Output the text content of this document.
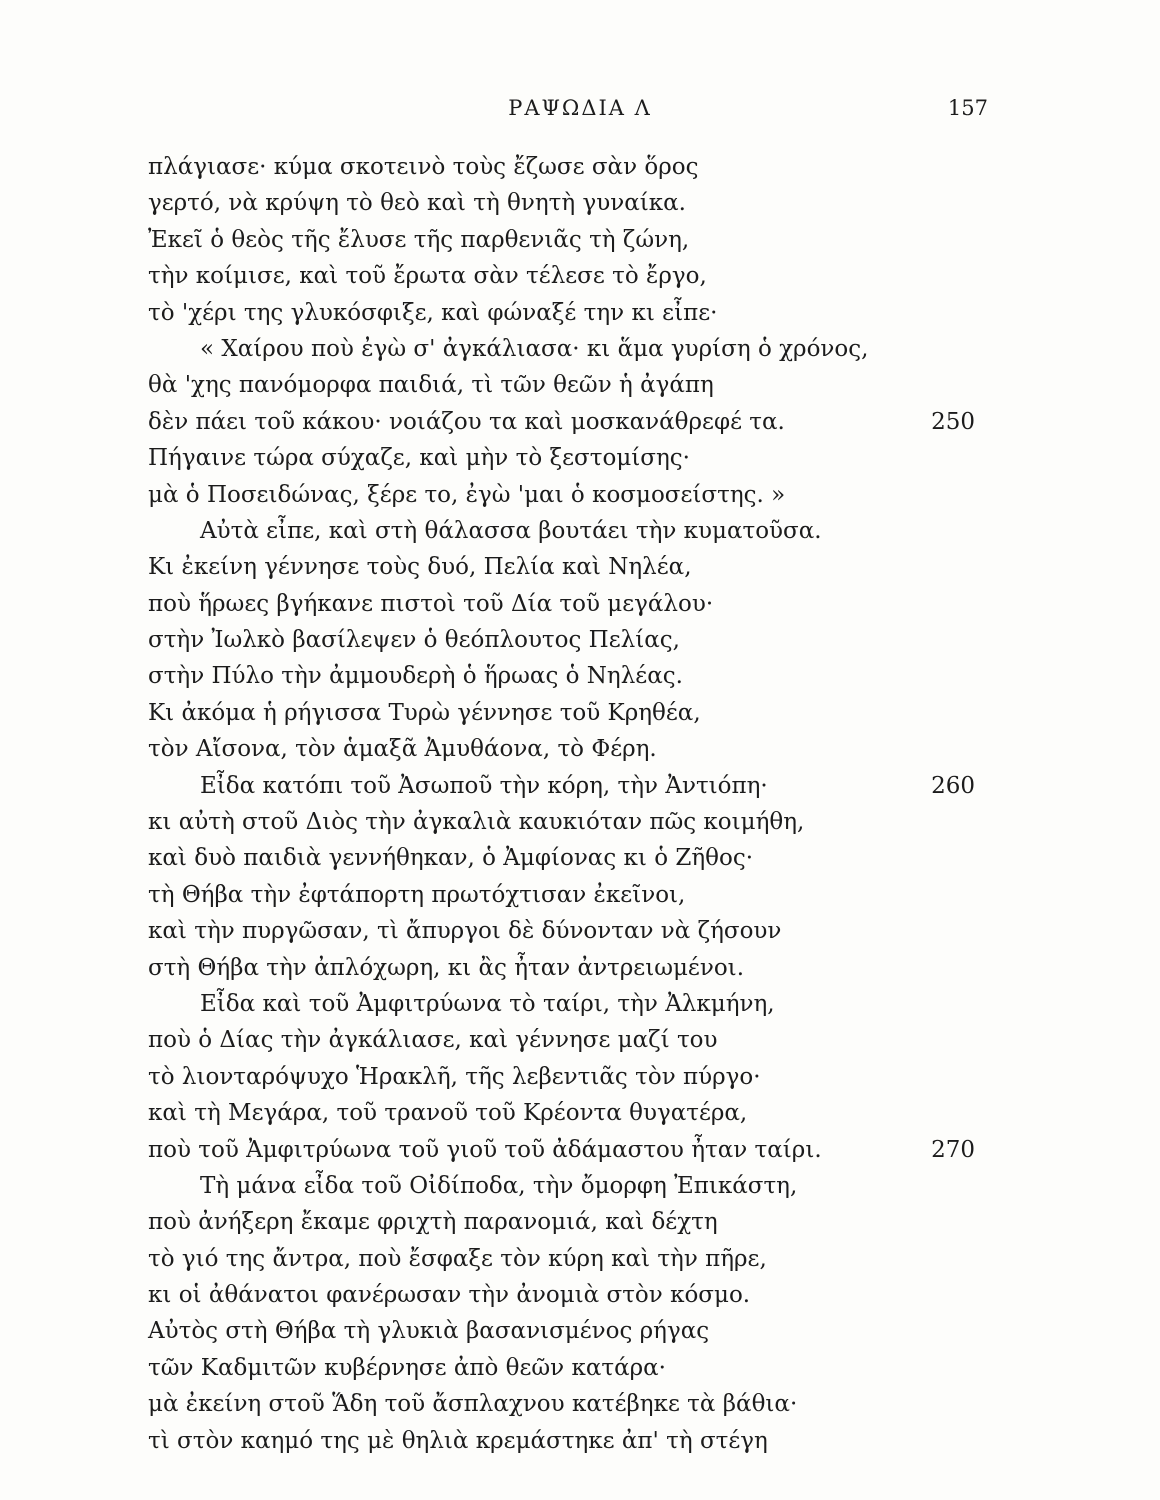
ΡΑΨΩΔΙΑ Λ	157
πλάγιασε· κύμα σκοτεινὸ τοὺς ἔζωσε σὰν ὅρος
γερτό, νὰ κρύψη τὸ θεὸ καὶ τὴ θνητὴ γυναίκα.
Ἐκεῖ ὁ θεὸς τῆς ἔλυσε τῆς παρθενιᾶς τὴ ζώνη,
τὴν κοίμισε, καὶ τοῦ ἔρωτα σὰν τέλεσε τὸ ἔργο,
τὸ 'χέρι της γλυκόσφιξε, καὶ φώναξέ την κι εἶπε·
« Χαίρου ποὺ ἐγὼ σ' ἀγκάλιασα· κι ἅμα γυρίση ὁ χρόνος,
θὰ 'χης πανόμορφα παιδιά, τὶ τῶν θεῶν ἡ ἀγάπη
δὲν πάει τοῦ κάκου· νοιάζου τα καὶ μοσκανάθρεφέ τα.	250
Πήγαινε τώρα σύχαζε, καὶ μὴν τὸ ξεστομίσης·
μὰ ὁ Ποσειδώνας, ξέρε το, ἐγὼ 'μαι ὁ κοσμοσείστης. »
Αὐτὰ εἶπε, καὶ στὴ θάλασσα βουτάει τὴν κυματοῦσα.
Κι ἐκείνη γέννησε τοὺς δυό, Πελία καὶ Νηλέα,
ποὺ ἥρωες βγήκανε πιστοὶ τοῦ Δία τοῦ μεγάλου·
στὴν Ἰωλκὸ βασίλεψεν ὁ θεόπλουτος Πελίας,
στὴν Πύλο τὴν ἀμμουδερὴ ὁ ἥρωας ὁ Νηλέας.
Κι ἀκόμα ἡ ρήγισσα Τυρὼ γέννησε τοῦ Κρηθέα,
τὸν Αἴσονα, τὸν ἁμαξᾶ Ἀμυθάονα, τὸ Φέρη.
Εἶδα κατόπι τοῦ Ἀσωποῦ τὴν κόρη, τὴν Ἀντιόπη·	260
κι αὐτὴ στοῦ Διὸς τὴν ἀγκαλιὰ καυκιόταν πῶς κοιμήθη,
καὶ δυὸ παιδιὰ γεννήθηκαν, ὁ Ἀμφίονας κι ὁ Ζῆθος·
τὴ Θήβα τὴν ἐφτάπορτη πρωτόχτισαν ἐκεῖνοι,
καὶ τὴν πυργῶσαν, τὶ ἄπυργοι δὲ δύνονταν νὰ ζήσουν
στὴ Θήβα τὴν ἀπλόχωρη, κι ἂς ἦταν ἀντρειωμένοι.
Εἶδα καὶ τοῦ Ἀμφιτρύωνα τὸ ταίρι, τὴν Ἀλκμήνη,
ποὺ ὁ Δίας τὴν ἀγκάλιασε, καὶ γέννησε μαζί του
τὸ λιονταρόψυχο Ἡρακλῆ, τῆς λεβεντιᾶς τὸν πύργο·
καὶ τὴ Μεγάρα, τοῦ τρανοῦ τοῦ Κρέοντα θυγατέρα,
ποὺ τοῦ Ἀμφιτρύωνα τοῦ γιοῦ τοῦ ἀδάμαστου ἦταν ταίρι.	270
Τὴ μάνα εἶδα τοῦ Οἰδίποδα, τὴν ὄμορφη Ἐπικάστη,
ποὺ ἀνήξερη ἔκαμε φριχτὴ παρανομιά, καὶ δέχτη
τὸ γιό της ἄντρα, ποὺ ἔσφαξε τὸν κύρη καὶ τὴν πῆρε,
κι οἱ ἀθάνατοι φανέρωσαν τὴν ἀνομιὰ στὸν κόσμο.
Αὐτὸς στὴ Θήβα τὴ γλυκιὰ βασανισμένος ρήγας
τῶν Καδμιτῶν κυβέρνησε ἀπὸ θεῶν κατάρα·
μὰ ἐκείνη στοῦ Ἅδη τοῦ ἄσπλαχνου κατέβηκε τὰ βάθια·
τὶ στὸν καημό της μὲ θηλιὰ κρεμάστηκε ἀπ' τὴ στέγη
